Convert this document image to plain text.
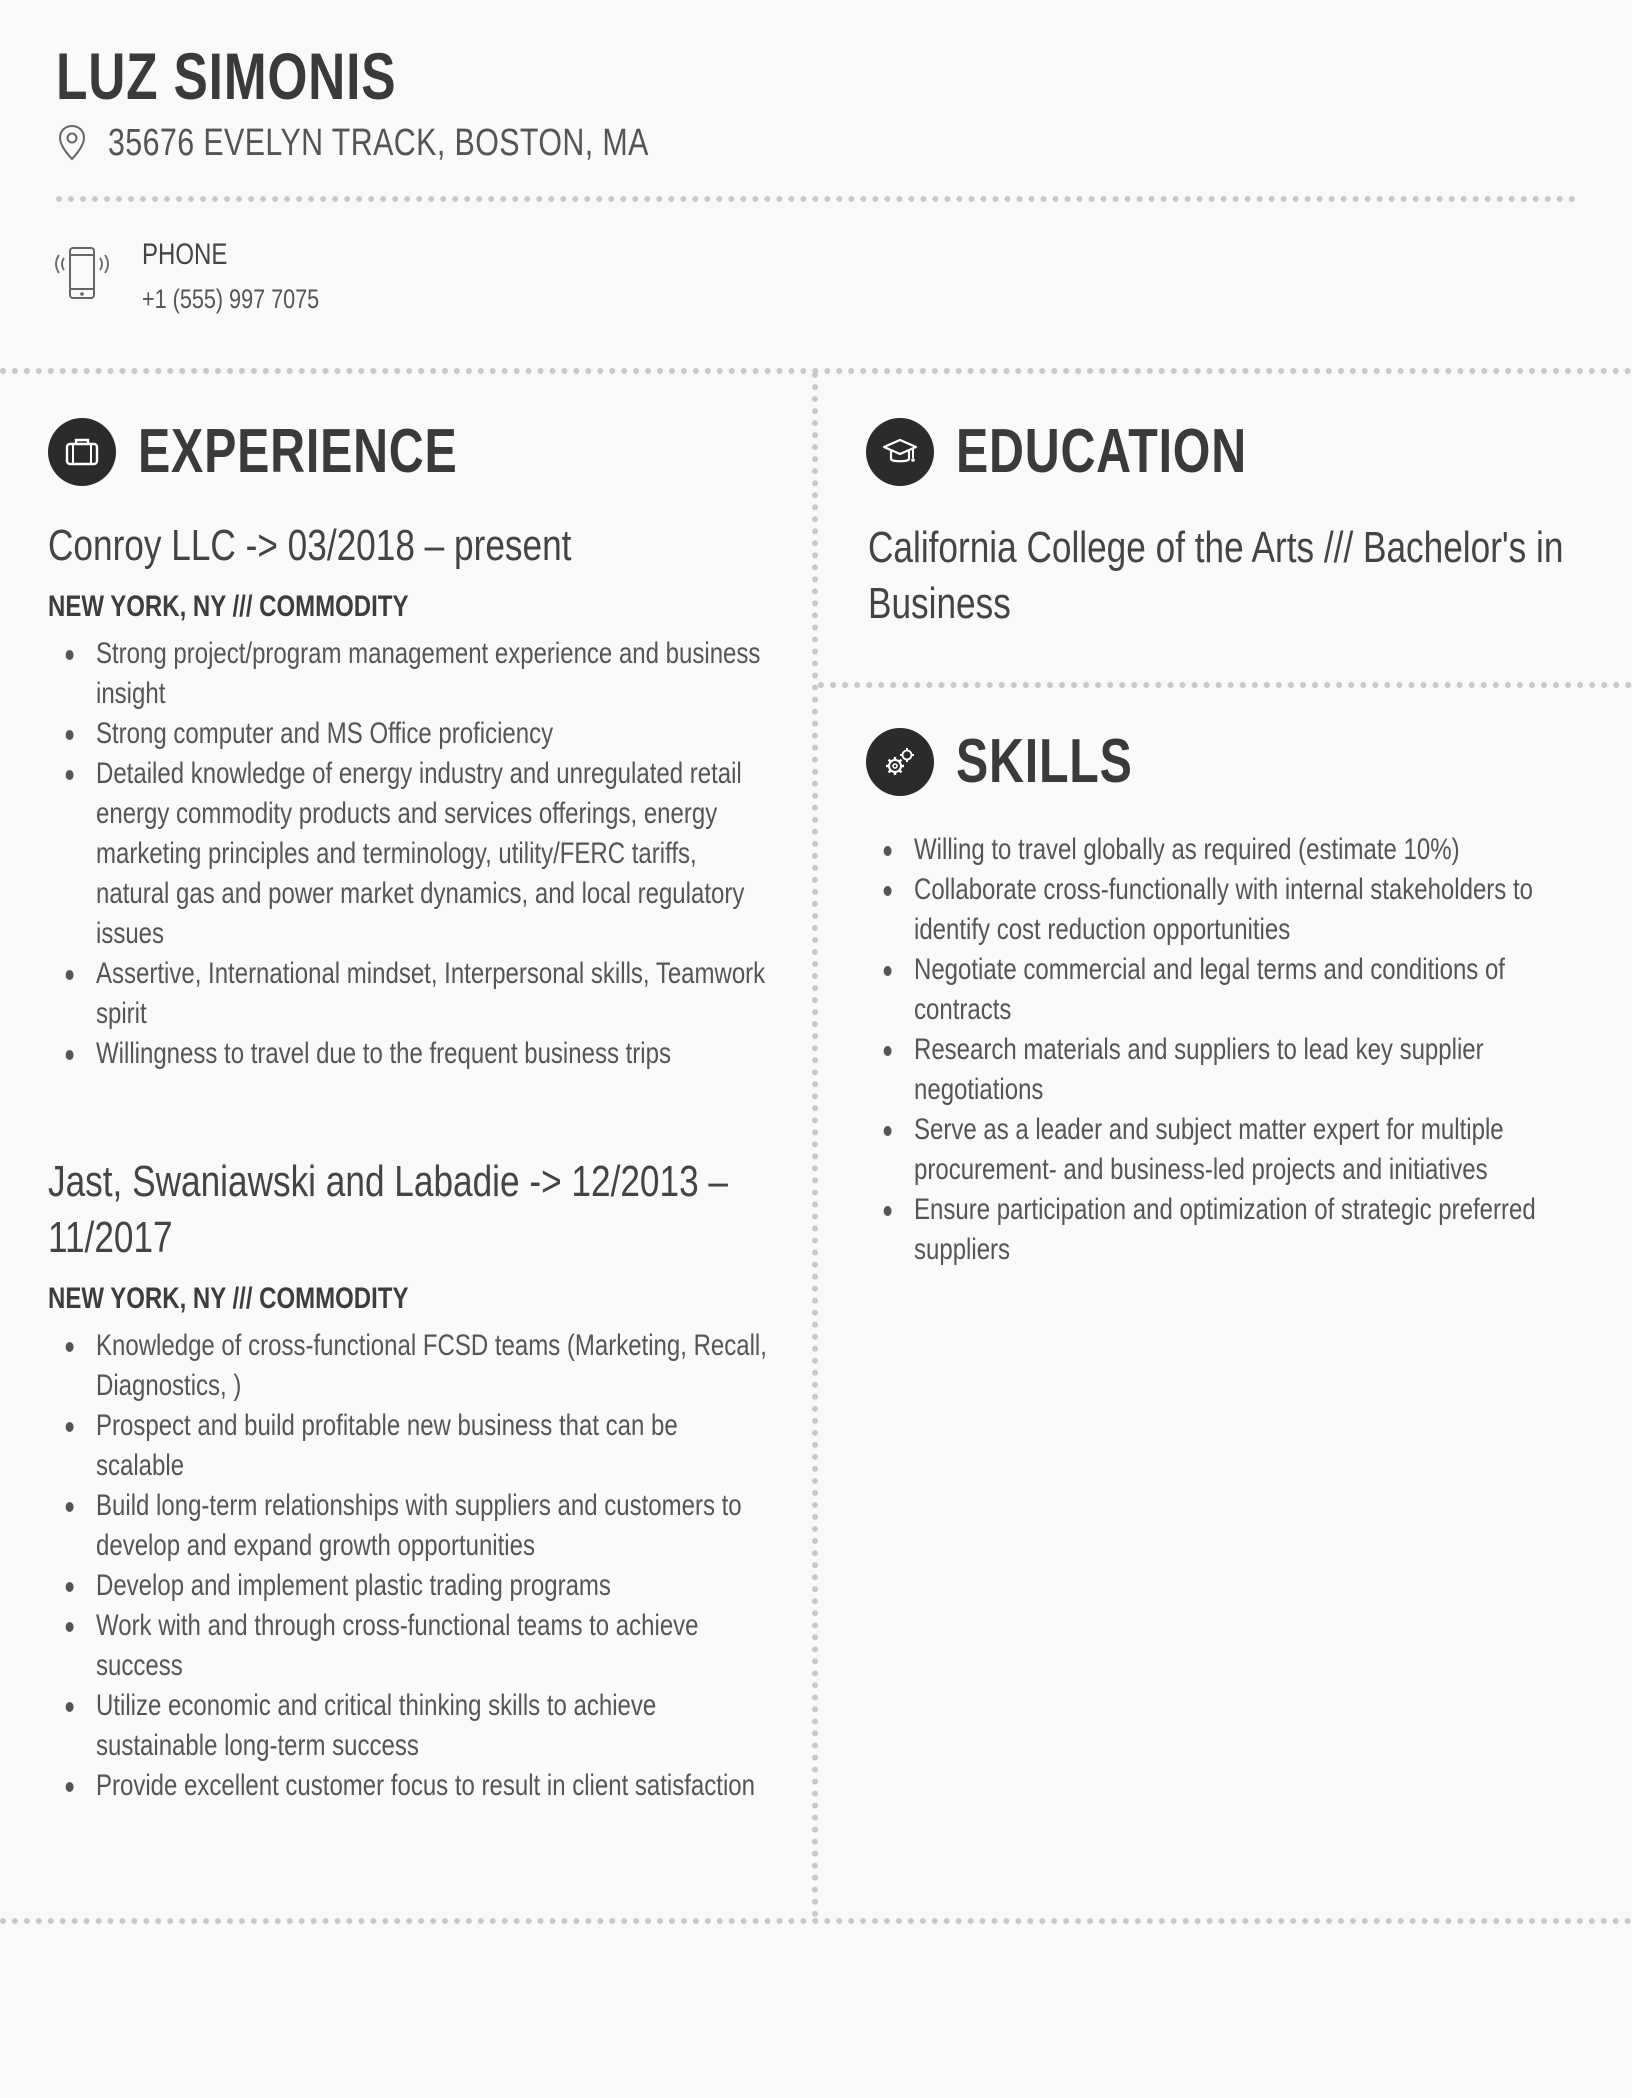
LUZ SIMONIS
35676 EVELYN TRACK, BOSTON, MA
PHONE
+1 (555) 997 7075
EXPERIENCE
Conroy LLC -> 03/2018 – present
NEW YORK, NY /// COMMODITY
Strong project/program management experience and business insight
Strong computer and MS Office proficiency
Detailed knowledge of energy industry and unregulated retail energy commodity products and services offerings, energy marketing principles and terminology, utility/FERC tariffs, natural gas and power market dynamics, and local regulatory issues
Assertive, International mindset, Interpersonal skills, Teamwork spirit
Willingness to travel due to the frequent business trips
Jast, Swaniawski and Labadie -> 12/2013 – 11/2017
NEW YORK, NY /// COMMODITY
Knowledge of cross-functional FCSD teams (Marketing, Recall, Diagnostics, )
Prospect and build profitable new business that can be scalable
Build long-term relationships with suppliers and customers to develop and expand growth opportunities
Develop and implement plastic trading programs
Work with and through cross-functional teams to achieve success
Utilize economic and critical thinking skills to achieve sustainable long-term success
Provide excellent customer focus to result in client satisfaction
EDUCATION
California College of the Arts /// Bachelor's in Business
SKILLS
Willing to travel globally as required (estimate 10%)
Collaborate cross-functionally with internal stakeholders to identify cost reduction opportunities
Negotiate commercial and legal terms and conditions of contracts
Research materials and suppliers to lead key supplier negotiations
Serve as a leader and subject matter expert for multiple procurement- and business-led projects and initiatives
Ensure participation and optimization of strategic preferred suppliers
